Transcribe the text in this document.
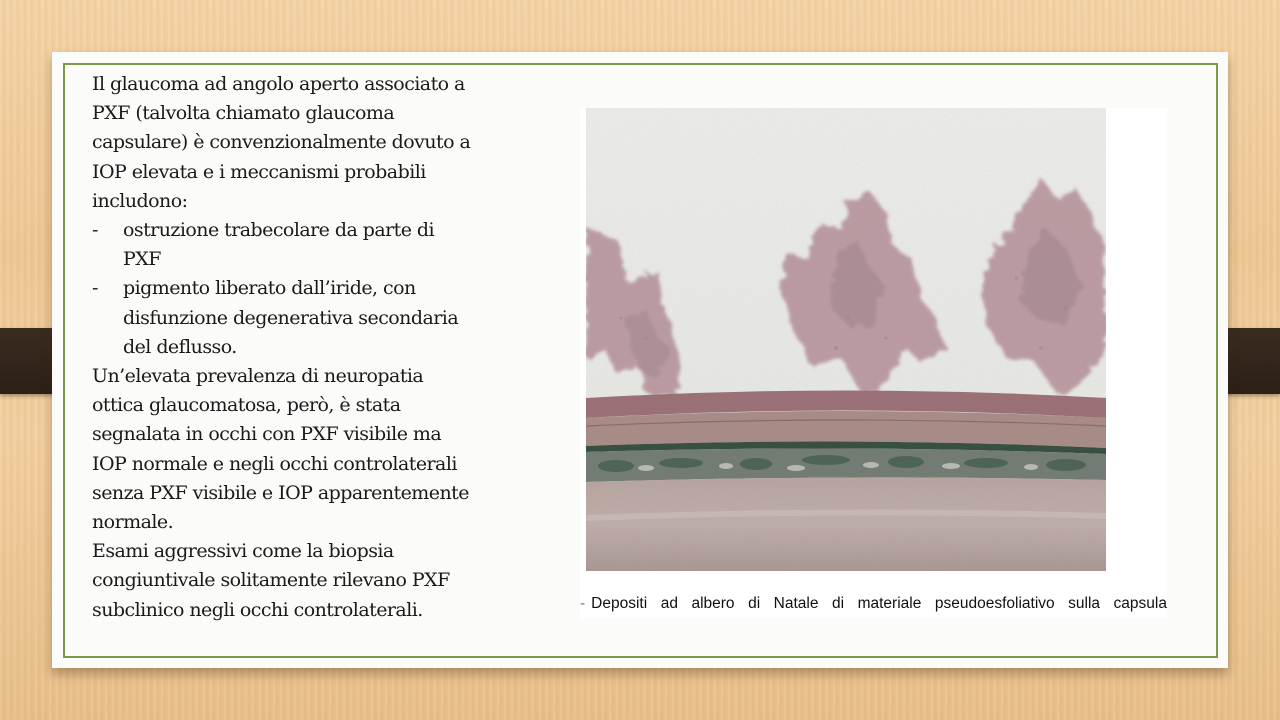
Il glaucoma ad angolo aperto associato a PXF (talvolta chiamato glaucoma capsulare) è convenzionalmente dovuto a IOP elevata e i meccanismi probabili includono:

- ostruzione trabecolare da parte di PXF
- pigmento liberato dall’iride, con disfunzione degenerativa secondaria del deflusso.

Un’elevata prevalenza di neuropatia ottica glaucomatosa, però, è stata segnalata in occhi con PXF visibile ma IOP normale e negli occhi controlaterali senza PXF visibile e IOP apparentemente normale.

Esami aggressivi come la biopsia congiuntivale solitamente rilevano PXF subclinico negli occhi controlaterali.	- Depositi ad albero di Natale di materiale pseudoesfoliativo sulla capsula
